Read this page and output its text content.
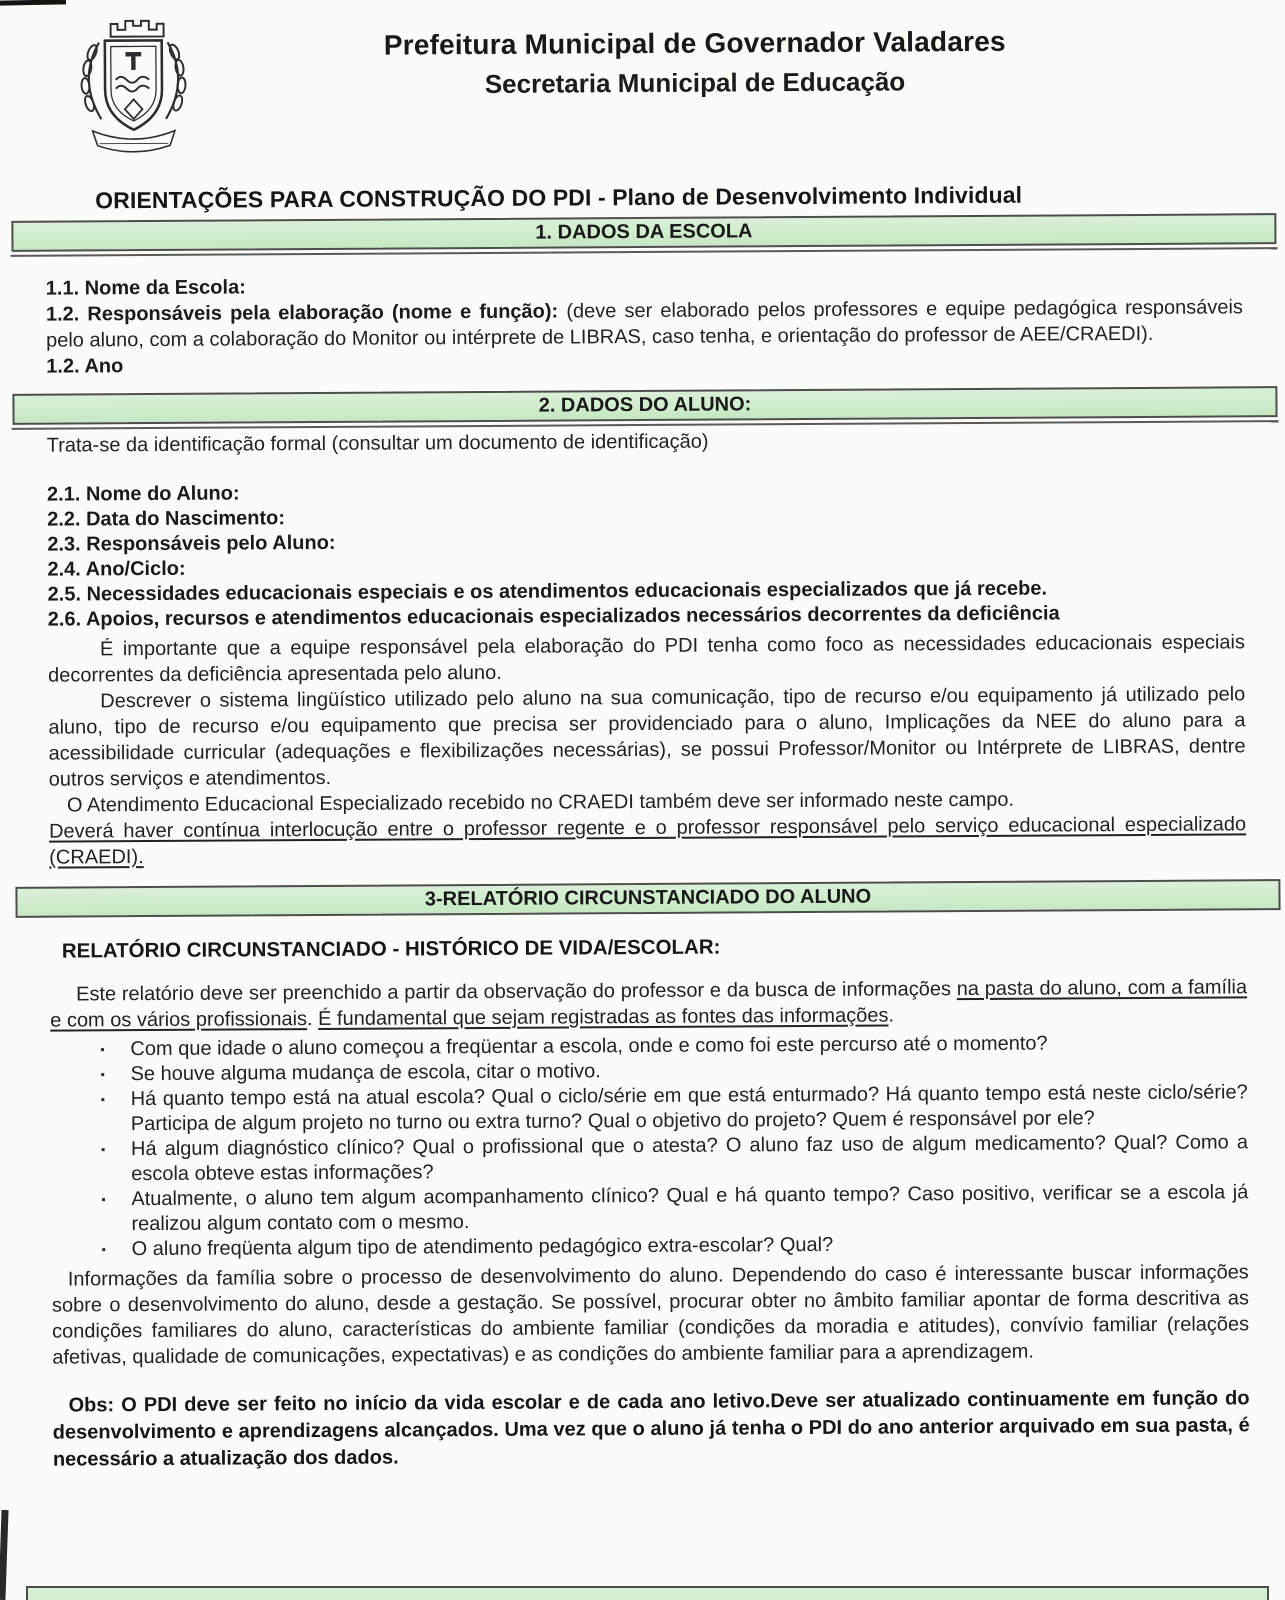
Prefeitura Municipal de Governador Valadares
Secretaria Municipal de Educação
ORIENTAÇÕES PARA CONSTRUÇÃO DO PDI - Plano de Desenvolvimento Individual
1. DADOS DA ESCOLA

1.1. Nome da Escola:

1.2. Responsáveis pela elaboração (nome e função): (deve ser elaborado pelos professores e equipe pedagógica responsáveis pelo aluno, com a colaboração do Monitor ou intérprete de LIBRAS, caso tenha, e orientação do professor de AEE/CRAEDI).

1.2. Ano

2. DADOS DO ALUNO:

Trata-se da identificação formal (consultar um documento de identificação)

2.1. Nome do Aluno:

2.2. Data do Nascimento:

2.3. Responsáveis pelo Aluno:

2.4. Ano/Ciclo:

2.5. Necessidades educacionais especiais e os atendimentos educacionais especializados que já recebe.

2.6. Apoios, recursos e atendimentos educacionais especializados necessários decorrentes da deficiência

É importante que a equipe responsável pela elaboração do PDI tenha como foco as necessidades educacionais especiais decorrentes da deficiência apresentada pelo aluno.

Descrever o sistema lingüístico utilizado pelo aluno na sua comunicação, tipo de recurso e/ou equipamento já utilizado pelo aluno, tipo de recurso e/ou equipamento que precisa ser providenciado para o aluno, Implicações da NEE do aluno para a acessibilidade curricular (adequações e flexibilizações necessárias), se possui Professor/Monitor ou Intérprete de LIBRAS, dentre outros serviços e atendimentos.

O Atendimento Educacional Especializado recebido no CRAEDI também deve ser informado neste campo.

Deverá haver contínua interlocução entre o professor regente e o professor responsável pelo serviço educacional especializado (CRAEDI).

3-RELATÓRIO CIRCUNSTANCIADO DO ALUNO
RELATÓRIO CIRCUNSTANCIADO - HISTÓRICO DE VIDA/ESCOLAR:

Este relatório deve ser preenchido a partir da observação do professor e da busca de informações na pasta do aluno, com a família e com os vários profissionais. É fundamental que sejam registradas as fontes das informações.

▪	Com que idade o aluno começou a freqüentar a escola, onde e como foi este percurso até o momento?
▪	Se houve alguma mudança de escola, citar o motivo.
▪	Há quanto tempo está na atual escola? Qual o ciclo/série em que está enturmado? Há quanto tempo está neste ciclo/série? Participa de algum projeto no turno ou extra turno? Qual o objetivo do projeto? Quem é responsável por ele?
▪	Há algum diagnóstico clínico? Qual o profissional que o atesta? O aluno faz uso de algum medicamento? Qual? Como a escola obteve estas informações?
▪	Atualmente, o aluno tem algum acompanhamento clínico? Qual e há quanto tempo? Caso positivo, verificar se a escola já realizou algum contato com o mesmo.
▪	O aluno freqüenta algum tipo de atendimento pedagógico extra-escolar? Qual?

Informações da família sobre o processo de desenvolvimento do aluno. Dependendo do caso é interessante buscar informações sobre o desenvolvimento do aluno, desde a gestação. Se possível, procurar obter no âmbito familiar apontar de forma descritiva as condições familiares do aluno, características do ambiente familiar (condições da moradia e atitudes), convívio familiar (relações afetivas, qualidade de comunicações, expectativas) e as condições do ambiente familiar para a aprendizagem.

Obs: O PDI deve ser feito no início da vida escolar e de cada ano letivo.Deve ser atualizado continuamente em função do desenvolvimento e aprendizagens alcançados. Uma vez que o aluno já tenha o PDI do ano anterior arquivado em sua pasta, é necessário a atualização dos dados.
